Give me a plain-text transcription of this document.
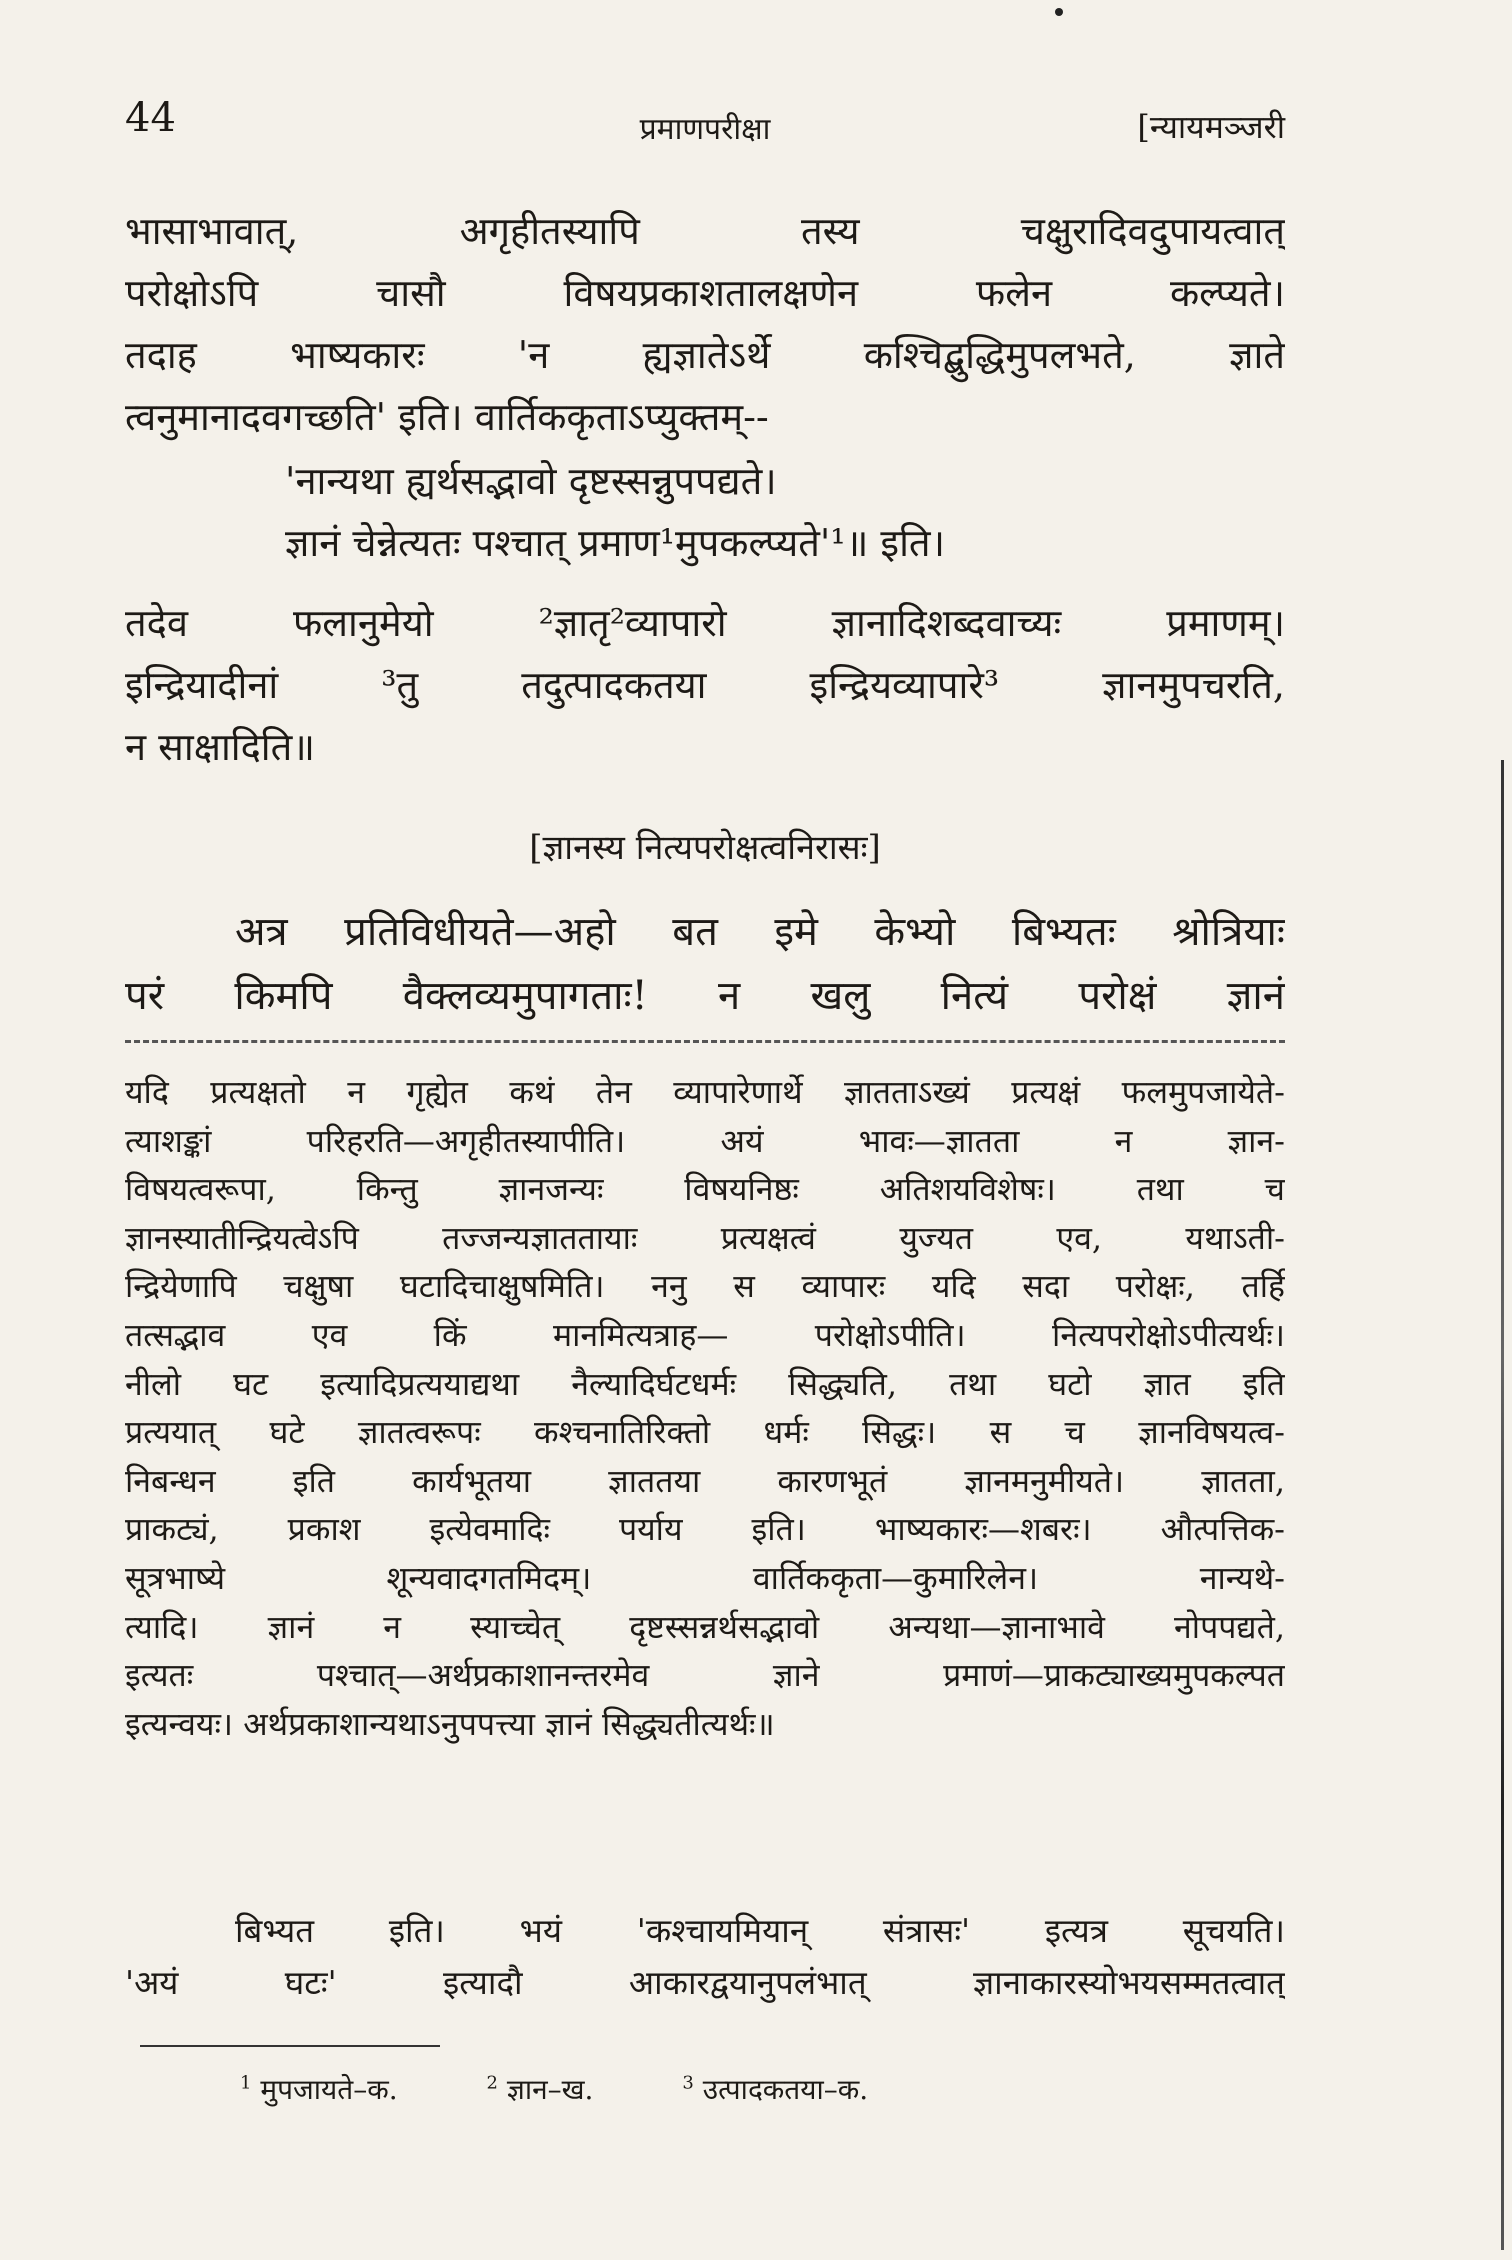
44	प्रमाणपरीक्षा	[न्यायमञ्जरी
भासाभावात्, अगृहीतस्यापि तस्य चक्षुरादिवदुपायत्वात्
परोक्षोऽपि चासौ विषयप्रकाशतालक्षणेन फलेन कल्प्यते।
तदाह भाष्यकारः 'न ह्यज्ञातेऽर्थे कश्चिद्बुद्धिमुपलभते, ज्ञाते
त्वनुमानादवगच्छति' इति। वार्तिककृताऽप्युक्तम्--
'नान्यथा ह्यर्थसद्भावो दृष्टस्सन्नुपपद्यते।
ज्ञानं चेन्नेत्यतः पश्चात् प्रमाण¹मुपकल्प्यते'¹॥ इति।
तदेव फलानुमेयो ²ज्ञातृ²व्यापारो ज्ञानादिशब्दवाच्यः प्रमाणम्।
इन्द्रियादीनां ³तु तदुत्पादकतया इन्द्रियव्यापारे³ ज्ञानमुपचरति,
न साक्षादिति॥
[ज्ञानस्य नित्यपरोक्षत्वनिरासः]
अत्र प्रतिविधीयते—अहो बत इमे केभ्यो बिभ्यतः श्रोत्रियाः
परं किमपि वैक्लव्यमुपागताः! न खलु नित्यं परोक्षं ज्ञानं
यदि प्रत्यक्षतो न गृह्येत कथं तेन व्यापारेणार्थे ज्ञातताऽख्यं प्रत्यक्षं फलमुपजायेते-
त्याशङ्कां परिहरति—अगृहीतस्यापीति। अयं भावः—ज्ञातता न ज्ञान-
विषयत्वरूपा, किन्तु ज्ञानजन्यः विषयनिष्ठः अतिशयविशेषः। तथा च
ज्ञानस्यातीन्द्रियत्वेऽपि तज्जन्यज्ञाततायाः प्रत्यक्षत्वं युज्यत एव, यथाऽती-
न्द्रियेणापि चक्षुषा घटादिचाक्षुषमिति। ननु स व्यापारः यदि सदा परोक्षः, तर्हि
तत्सद्भाव एव किं मानमित्यत्राह— परोक्षोऽपीति। नित्यपरोक्षोऽपीत्यर्थः।
नीलो घट इत्यादिप्रत्ययाद्यथा नैल्यादिर्घटधर्मः सिद्ध्यति, तथा घटो ज्ञात इति
प्रत्ययात् घटे ज्ञातत्वरूपः कश्चनातिरिक्तो धर्मः सिद्धः। स च ज्ञानविषयत्व-
निबन्धन इति कार्यभूतया ज्ञाततया कारणभूतं ज्ञानमनुमीयते। ज्ञातता,
प्राकट्यं, प्रकाश इत्येवमादिः पर्याय इति। भाष्यकारः—शबरः। औत्पत्तिक-
सूत्रभाष्ये शून्यवादगतमिदम्। वार्तिककृता—कुमारिलेन। नान्यथे-
त्यादि। ज्ञानं न स्याच्चेत् दृष्टस्सन्नर्थसद्भावो अन्यथा—ज्ञानाभावे नोपपद्यते,
इत्यतः पश्चात्—अर्थप्रकाशानन्तरमेव ज्ञाने प्रमाणं—प्राकट्याख्यमुपकल्पत
इत्यन्वयः। अर्थप्रकाशान्यथाऽनुपपत्त्या ज्ञानं सिद्ध्यतीत्यर्थः॥
बिभ्यत इति। भयं 'कश्चायमियान् संत्रासः' इत्यत्र सूचयति।
'अयं घटः' इत्यादौ आकारद्वयानुपलंभात् ज्ञानाकारस्योभयसम्मतत्वात्
$^1$ मुपजायते–क.	$^2$ ज्ञान–ख.	$^3$ उत्पादकतया–क.
